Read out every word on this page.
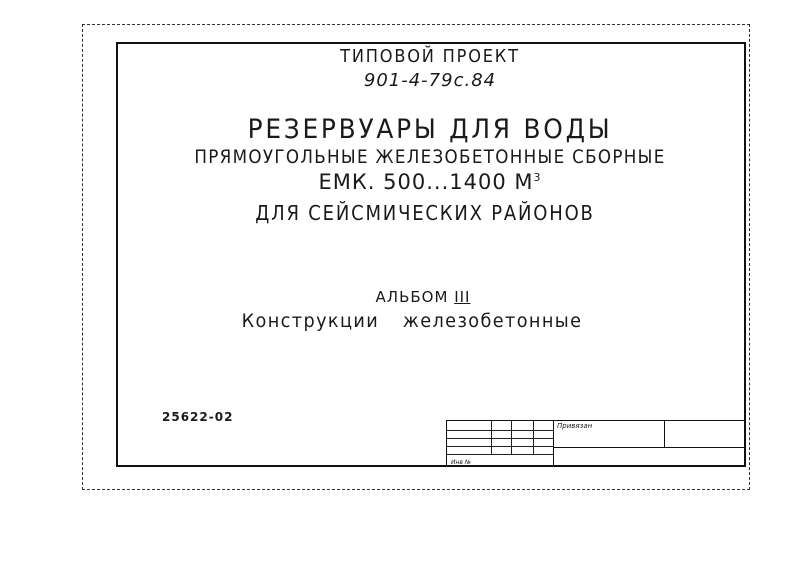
ТИПОВОЙ ПРОЕКТ
901-4-79с.84
РЕЗЕРВУАРЫ ДЛЯ ВОДЫ
ПРЯМОУГОЛЬНЫЕ ЖЕЛЕЗОБЕТОННЫЕ СБОРНЫЕ
ЕМК. 500...1400 $М^3$
ДЛЯ СЕЙСМИЧЕСКИХ РАЙОНОВ
АЛЬБОМ III
Конструкции железобетонные
25622-02
Привязан
Инв №
